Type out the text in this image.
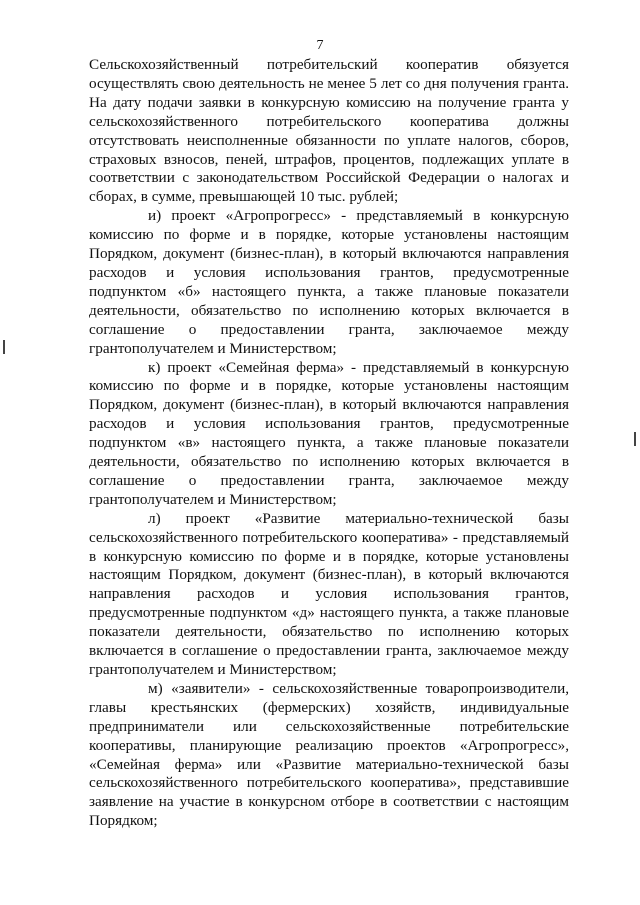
7

Сельскохозяйственный потребительский кооператив обязуется осуществлять свою деятельность не менее 5 лет со дня получения гранта. На дату подачи заявки в конкурсную комиссию на получение гранта у сельскохозяйственного потребительского кооператива должны отсутствовать неисполненные обязанности по уплате налогов, сборов, страховых взносов, пеней, штрафов, процентов, подлежащих уплате в соответствии с законодательством Российской Федерации о налогах и сборах, в сумме, превышающей 10 тыс. рублей;

и) проект «Агропрогресс» - представляемый в конкурсную комиссию по форме и в порядке, которые установлены настоящим Порядком, документ (бизнес-план), в который включаются направления расходов и условия использования грантов, предусмотренные подпунктом «б» настоящего пункта, а также плановые показатели деятельности, обязательство по исполнению которых включается в соглашение о предоставлении гранта, заключаемое между грантополучателем и Министерством;

к) проект «Семейная ферма» - представляемый в конкурсную комиссию по форме и в порядке, которые установлены настоящим Порядком, документ (бизнес-план), в который включаются направления расходов и условия использования грантов, предусмотренные подпунктом «в» настоящего пункта, а также плановые показатели деятельности, обязательство по исполнению которых включается в соглашение о предоставлении гранта, заключаемое между грантополучателем и Министерством;

л) проект «Развитие материально-технической базы сельскохозяйственного потребительского кооператива» - представляемый в конкурсную комиссию по форме и в порядке, которые установлены настоящим Порядком, документ (бизнес-план), в который включаются направления расходов и условия использования грантов, предусмотренные подпунктом «д» настоящего пункта, а также плановые показатели деятельности, обязательство по исполнению которых включается в соглашение о предоставлении гранта, заключаемое между грантополучателем и Министерством;

м) «заявители» - сельскохозяйственные товаропроизводители, главы крестьянских (фермерских) хозяйств, индивидуальные предприниматели или сельскохозяйственные потребительские кооперативы, планирующие реализацию проектов «Агропрогресс», «Семейная ферма» или «Развитие материально-технической базы сельскохозяйственного потребительского кооператива», представившие заявление на участие в конкурсном отборе в соответствии с настоящим Порядком;
